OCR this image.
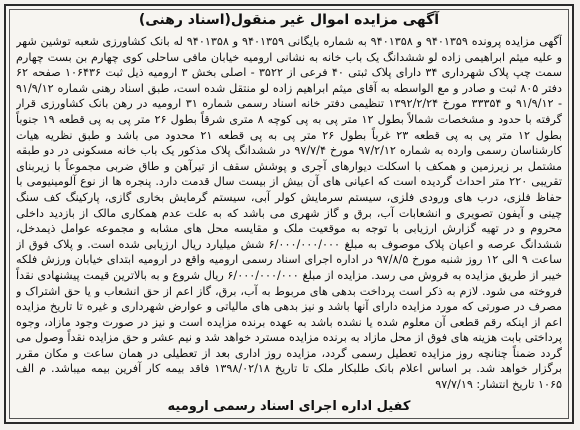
آگهی مزایده اموال غیر منقول(اسناد رهنی)
آگهی مزایده پرونده ۹۴۰۱۳۵۹ و ۹۴۰۱۳۵۸ به شماره بایگانی ۹۴۰۱۳۵۹ و ۹۴۰۱۳۵۸ له بانک کشاورزی شعبه توشین شهر و علیه میثم ابراهیمی زاده لو ششدانگ یک باب خانه به نشانی ارومیه خیابان مافی ساحلی کوی چهارم بن بست چهارم سمت چپ پلاک شهرداری ۳۴ دارای پلاک ثبتی ۴۰ فرعی از ۳۵۲۲ - اصلی بخش ۳ ارومیه ذیل ثبت ۱۰۶۴۳۶ صفحه ۶۲ دفتر ۸۰۵ ثبت و صادر و مع الواسطه به آقای میثم ابراهیم زاده لو منتقل شده است، طبق اسناد رهنی شماره ۹۱/۹/۱۲ - ۹۱/۹/۱۲ و ۳۳۳۵۴ مورخ ۱۳۹۲/۲/۲۴ تنظیمی دفتر خانه اسناد رسمی شماره ۳۱ ارومیه در رهن بانک کشاورزی قرار گرفته با حدود و مشخصات شمالاً بطول ۱۲ متر پی به پی کوچه ۸ متری شرقاً بطول ۲۶ متر پی به پی قطعه ۱۹ جنوباً بطول ۱۲ متر پی به پی قطعه ۲۳ غرباً بطول ۲۶ متر پی به پی قطعه ۲۱ محدود می باشد و طبق نظریه هیات کارشناسان رسمی وارده به شماره ۹۷/۲/۱۲ مورخ ۹۷/۷/۴ در ششدانگ پلاک مذکور یک باب خانه مسکونی در دو طبقه مشتمل بر زیرزمین و همکف با اسکلت دیوارهای آجری و پوشش سقف از تیرآهن و طاق ضربی مجموعاً با زیربنای تقریبی ۲۲۰ متر احداث گردیده است که اعیانی های آن بیش از بیست سال قدمت دارد. پنجره ها از نوع آلومینیومی با حفاظ فلزی، درب های ورودی فلزی، سیستم سرمایش کولر آبی، سیستم گرمایش بخاری گازی، پارکینگ کف سنگ چینی و آیفون تصویری و انشعابات آب، برق و گاز شهری می باشد که به علت عدم همکاری مالک از بازدید داخلی محروم و در تهیه گزارش ارزیابی با توجه به موقعیت ملک و مقایسه محل های مشابه و مجموعه عوامل ذیمدخل، ششدانگ عرصه و اعیان پلاک موصوف به مبلغ ۶/۰۰۰/۰۰۰/۰۰۰ شش میلیارد ریال ارزیابی شده است. و پلاک فوق از ساعت ۹ الی ۱۲ روز شنبه مورخ ۹۷/۸/۵ در اداره اجرای اسناد رسمی ارومیه واقع در ارومیه ابتدای خیابان ورزش فلکه خیبر از طریق مزایده به فروش می رسد. مزایده از مبلغ ۶/۰۰۰/۰۰۰/۰۰۰ ریال شروع و به بالاترین قیمت پیشنهادی نقداً فروخته می شود. لازم به ذکر است پرداخت بدهی های مربوط به آب، برق، گاز اعم از حق انشعاب و یا حق اشتراک و مصرف در صورتی که مورد مزایده دارای آنها باشد و نیز بدهی های مالیاتی و عوارض شهرداری و غیره تا تاریخ مزایده اعم از اینکه رقم قطعی آن معلوم شده یا نشده باشد به عهده برنده مزایده است و نیز در صورت وجود مازاد، وجوه پرداختی بابت هزینه های فوق از محل مازاد به برنده مزایده مسترد خواهد شد و نیم عشر و حق مزایده نقداً وصول می گردد ضمناً چنانچه روز مزایده تعطیل رسمی گردد، مزایده روز اداری بعد از تعطیلی در همان ساعت و مکان مقرر برگزار خواهد شد. بر اساس اعلام بانک طلبکار ملک تا تاریخ ۱۳۹۸/۰۲/۱۸ فاقد بیمه کار آفرین بیمه میباشد. م الف ۱۰۶۵ تاریخ انتشار: ۹۷/۷/۱۹
کفیل اداره اجرای اسناد رسمی ارومیه
